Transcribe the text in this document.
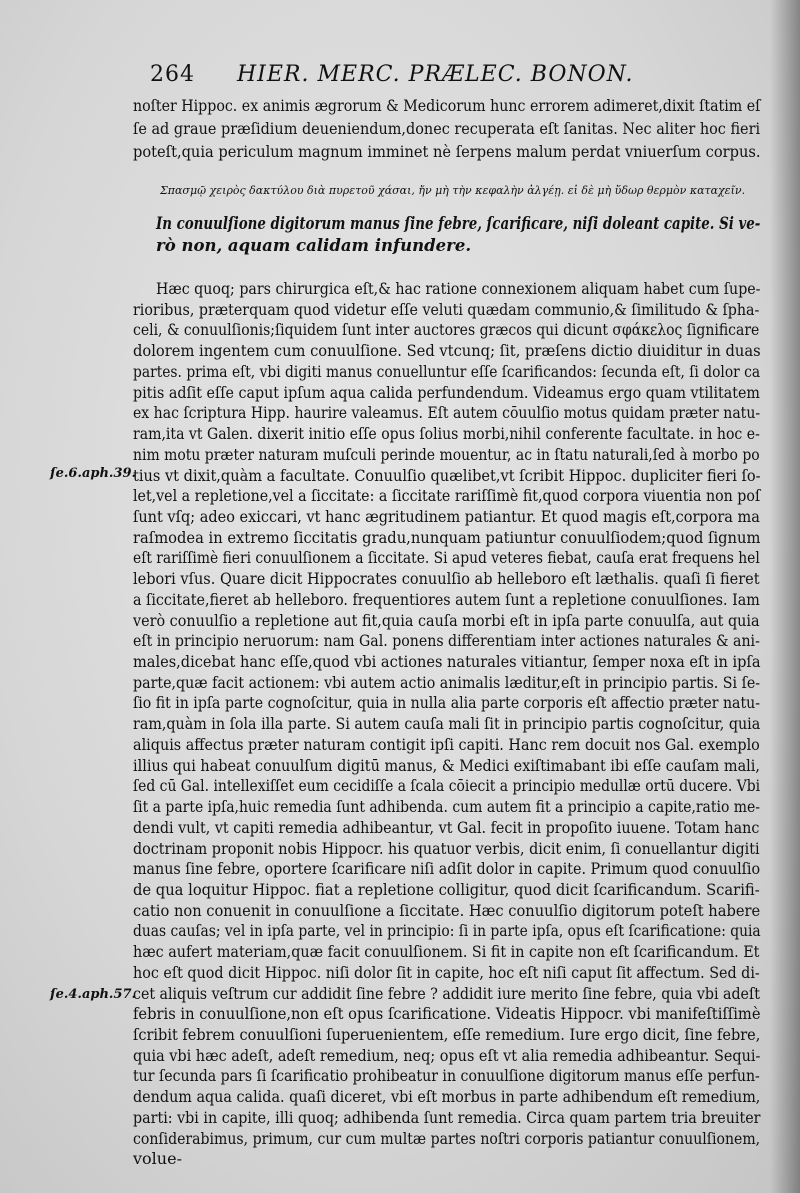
264 HIER. MERC. PRÆLEC. BONON.
ſe.6.aph.39.
ſe.4.aph.57.
noſter Hippoc. ex animis ægrorum & Medicorum hunc errorem adimeret,dixit ſtatim eſ
ſe ad graue præſidium deueniendum,donec recuperata eſt ſanitas. Nec aliter hoc fieri
poteſt,quia periculum magnum imminet nè ſerpens malum perdat vniuerſum corpus.
Σπασμῷ χειρὸς δακτύλου διὰ πυρετοῦ χάσαι, ἤν μὴ τὴν κεφαλὴν ἀλγέῃ. εἰ δὲ μὴ ὕδωρ θερμὸν καταχεῖν.
In conuulſione digitorum manus ſine febre, ſcarificare, niſi doleant capite. Si ve-
rò non, aquam calidam infundere.
Hæc quoq; pars chirurgica eſt,& hac ratione connexionem aliquam habet cum ſupe-
rioribus, præterquam quod videtur eſſe veluti quædam communio,& ſimilitudo & ſpha-
celi, & conuulſionis;ſiquidem ſunt inter auctores græcos qui dicunt σφάκελος ſignificare
dolorem ingentem cum conuulſione. Sed vtcunq; ſit, præſens dictio diuiditur in duas
partes. prima eſt, vbi digiti manus conuelluntur eſſe ſcarificandos: ſecunda eſt, ſi dolor ca
pitis adſit eſſe caput ipſum aqua calida perfundendum. Videamus ergo quam vtilitatem
ex hac ſcriptura Hipp. haurire valeamus. Eſt autem cōuulſio motus quidam prӕter natu-
ram,ita vt Galen. dixerit initio eſſe opus ſolius morbi,nihil conferente facultate. in hoc e-
nim motu prӕter naturam muſculi perinde mouentur, ac in ſtatu naturali,ſed à morbo po
tius vt dixit,quàm a facultate. Conuulſio quælibet,vt ſcribit Hippoc. dupliciter fieri ſo-
let,vel a repletione,vel a ſiccitate: a ſiccitate rariſſimè fit,quod corpora viuentia non poſ
ſunt vſq; adeo exiccari, vt hanc ægritudinem patiantur. Et quod magis eſt,corpora ma
raſmodea in extremo ſiccitatis gradu,nunquam patiuntur conuulſiodem;quod ſignum
eſt rariſſimè fieri conuulſionem a ſiccitate. Si apud veteres fiebat, cauſa erat frequens hel
lebori vſus. Quare dicit Hippocrates conuulſio ab helleboro eſt læthalis. quaſi ſi fieret
a ſiccitate,fieret ab helleboro. frequentiores autem ſunt a repletione conuulſiones. Iam
verò conuulſio a repletione aut fit,quia cauſa morbi eſt in ipſa parte conuulſa, aut quia
eſt in principio neruorum: nam Gal. ponens differentiam inter actiones naturales & ani-
males,dicebat hanc eſſe,quod vbi actiones naturales vitiantur, ſemper noxa eſt in ipſa
parte,quæ facit actionem: vbi autem actio animalis læditur,eſt in principio partis. Si ſe-
ſio fit in ipſa parte cognoſcitur, quia in nulla alia parte corporis eſt affectio prӕter natu-
ram,quàm in ſola illa parte. Si autem cauſa mali ſit in principio partis cognoſcitur, quia
aliquis affectus prӕter naturam contigit ipſi capiti. Hanc rem docuit nos Gal. exemplo
illius qui habeat conuulſum digitū manus, & Medici exiſtimabant ibi eſſe cauſam mali,
ſed cū Gal. intellexiſſet eum cecidiſſe a ſcala cōiecit a principio medullæ ortū ducere. Vbi
ſit a parte ipſa,huic remedia ſunt adhibenda. cum autem fit a principio a capite,ratio me-
dendi vult, vt capiti remedia adhibeantur, vt Gal. fecit in propoſito iuuene. Totam hanc
doctrinam proponit nobis Hippocr. his quatuor verbis, dicit enim, ſi conuellantur digiti
manus ſine febre, oportere ſcarificare niſi adſit dolor in capite. Primum quod conuulſio
de qua loquitur Hippoc. fiat a repletione colligitur, quod dicit ſcarificandum. Scarifi-
catio non conuenit in conuulſione a ſiccitate. Hæc conuulſio digitorum poteſt habere
duas cauſas; vel in ipſa parte, vel in principio: ſi in parte ipſa, opus eſt ſcarificatione: quia
hæc aufert materiam,quæ facit conuulſionem. Si fit in capite non eſt ſcarificandum. Et
hoc eſt quod dicit Hippoc. niſi dolor ſit in capite, hoc eſt niſi caput ſit affectum. Sed di-
cet aliquis veſtrum cur addidit ſine febre ? addidit iure merito ſine febre, quia vbi adeſt
febris in conuulſione,non eſt opus ſcarificatione. Videatis Hippocr. vbi manifeſtiſſimè
ſcribit febrem conuulſioni ſuperuenientem, eſſe remedium. Iure ergo dicit, ſine febre,
quia vbi hæc adeſt, adeſt remedium, neq; opus eſt vt alia remedia adhibeantur. Sequi-
tur ſecunda pars ſi ſcarificatio prohibeatur in conuulſione digitorum manus eſſe perfun-
dendum aqua calida. quaſi diceret, vbi eſt morbus in parte adhibendum eſt remedium,
parti: vbi in capite, illi quoq; adhibenda ſunt remedia. Circa quam partem tria breuiter
conſiderabimus, primum, cur cum multæ partes noſtri corporis patiantur conuulſionem,
volue-
